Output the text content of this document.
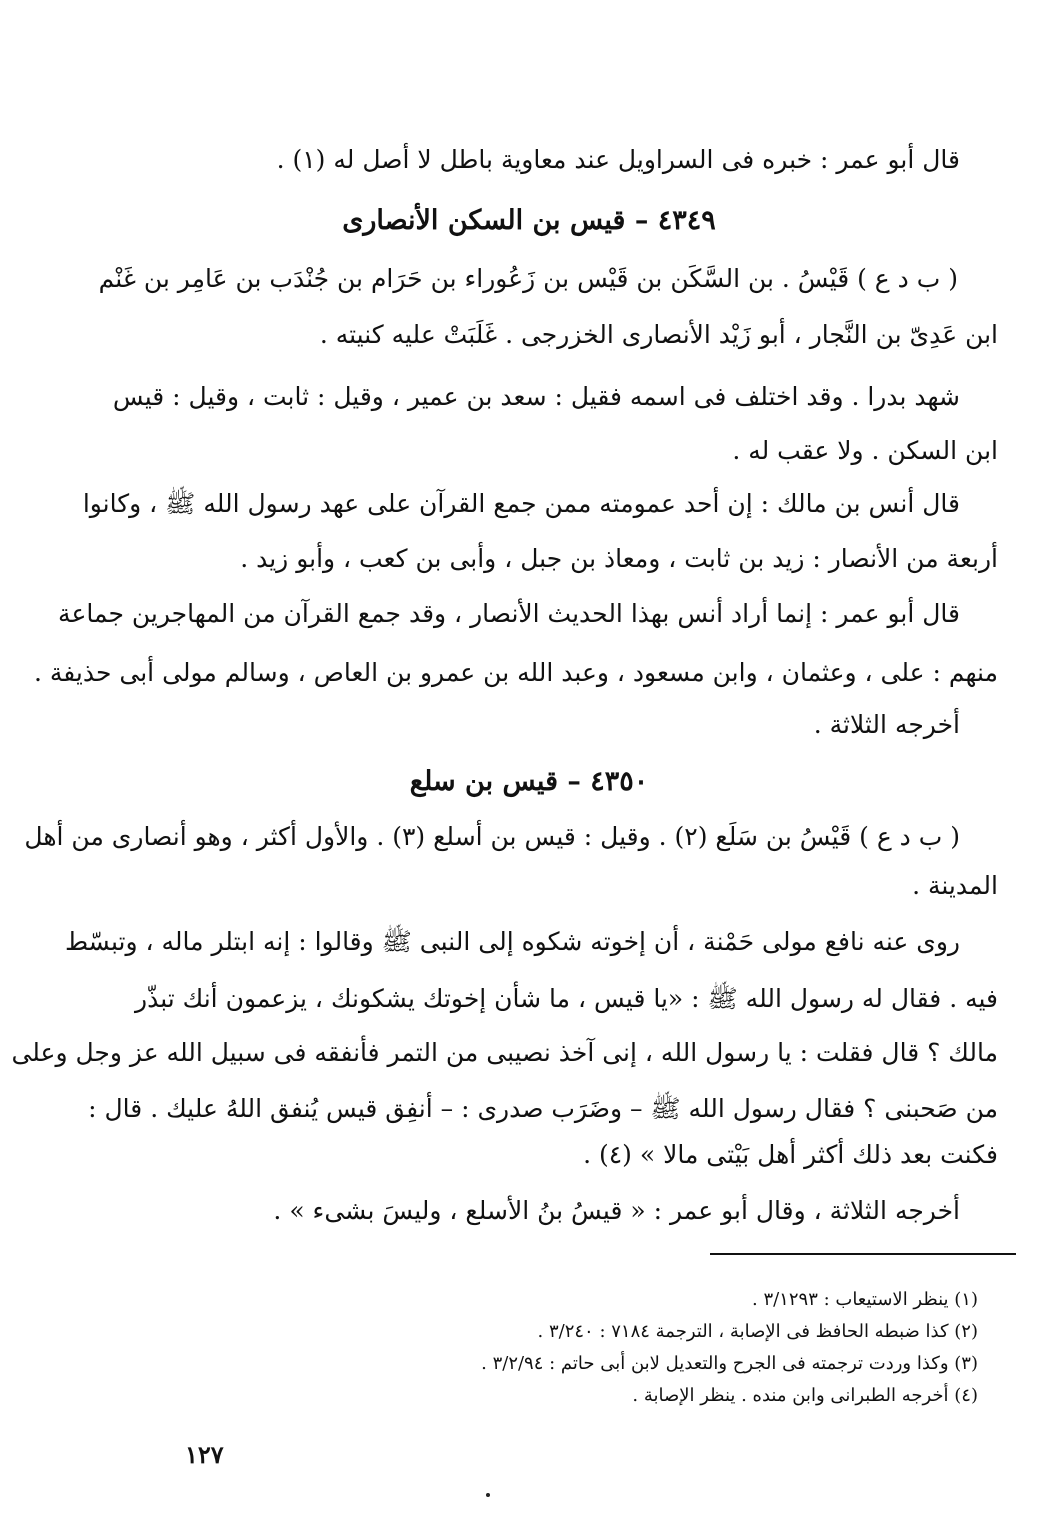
قال أبو عمر : خبره فى السراويل عند معاوية باطل لا أصل له (١) .
٤٣٤٩ – قيس بن السكن الأنصارى
( ب د ع ) قَيْسُ . بن السَّكَن بن قَيْس بن زَعُوراء بن حَرَام بن جُنْدَب بن عَامِر بن غَنْم
ابن عَدِىّ بن النَّجار ، أبو زَيْد الأنصارى الخزرجى . غَلَبَتْ عليه كنيته .
شهد بدرا . وقد اختلف فى اسمه فقيل : سعد بن عمير ، وقيل : ثابت ، وقيل : قيس
ابن السكن . ولا عقب له .
قال أنس بن مالك : إن أحد عمومته ممن جمع القرآن على عهد رسول الله ﷺ ، وكانوا
أربعة من الأنصار : زيد بن ثابت ، ومعاذ بن جبل ، وأبى بن كعب ، وأبو زيد .
قال أبو عمر : إنما أراد أنس بهذا الحديث الأنصار ، وقد جمع القرآن من المهاجرين جماعة
منهم : على ، وعثمان ، وابن مسعود ، وعبد الله بن عمرو بن العاص ، وسالم مولى أبى حذيفة .
أخرجه الثلاثة .
٤٣٥٠ – قيس بن سلع
( ب د ع ) قَيْسُ بن سَلَع (٢) . وقيل : قيس بن أسلع (٣) . والأول أكثر ، وهو أنصارى من أهل
المدينة .
روى عنه نافع مولى حَمْنة ، أن إخوته شكوه إلى النبى ﷺ وقالوا : إنه ابتلر ماله ، وتبسّط
فيه . فقال له رسول الله ﷺ : «يا قيس ، ما شأن إخوتك يشكونك ، يزعمون أنك تبذّر
مالك ؟ قال فقلت : يا رسول الله ، إنى آخذ نصيبى من التمر فأنفقه فى سبيل الله عز وجل وعلى
من صَحبنى ؟ فقال رسول الله ﷺ – وضَرَب صدرى : – أنفِق قيس يُنفق اللهُ عليك . قال :
فكنت بعد ذلك أكثر أهل بَيْتى مالا » (٤) .
أخرجه الثلاثة ، وقال أبو عمر : « قيسُ بنُ الأسلع ، وليسَ بشىء » .
(١) ينظر الاستيعاب : ٣/١٢٩٣ .
(٢) كذا ضبطه الحافظ فى الإصابة ، الترجمة ٧١٨٤ : ٣/٢٤٠ .
(٣) وكذا وردت ترجمته فى الجرح والتعديل لابن أبى حاتم : ٣/٢/٩٤ .
(٤) أخرجه الطبرانى وابن منده . ينظر الإصابة .
١٢٧
